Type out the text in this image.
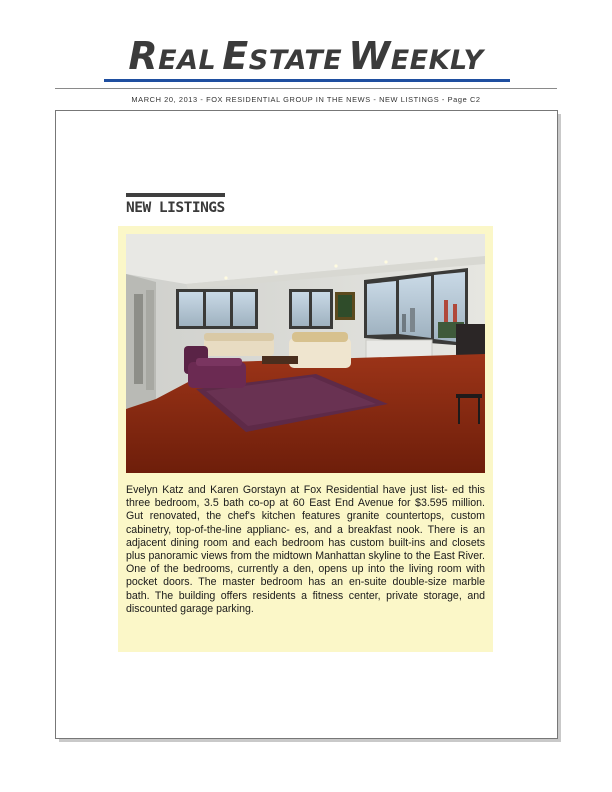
REAL ESTATE WEEKLY
MARCH 20, 2013 - FOX RESIDENTIAL GROUP IN THE NEWS - NEW LISTINGS - Page C2
NEW LISTINGS

Evelyn Katz and Karen Gorstayn at Fox Residential have just list- ed this three bedroom, 3.5 bath co-op at 60 East End Avenue for $3.595 million. Gut renovated, the chef's kitchen features granite countertops, custom cabinetry, top-of-the-line applianc- es, and a breakfast nook. There is an adjacent dining room and each bedroom has custom built-ins and closets plus panoramic views from the midtown Manhattan skyline to the East River. One of the bedrooms, currently a den, opens up into the living room with pocket doors. The master bedroom has an en-suite double-size marble bath. The building offers residents a fitness center, private storage, and discounted garage parking.
